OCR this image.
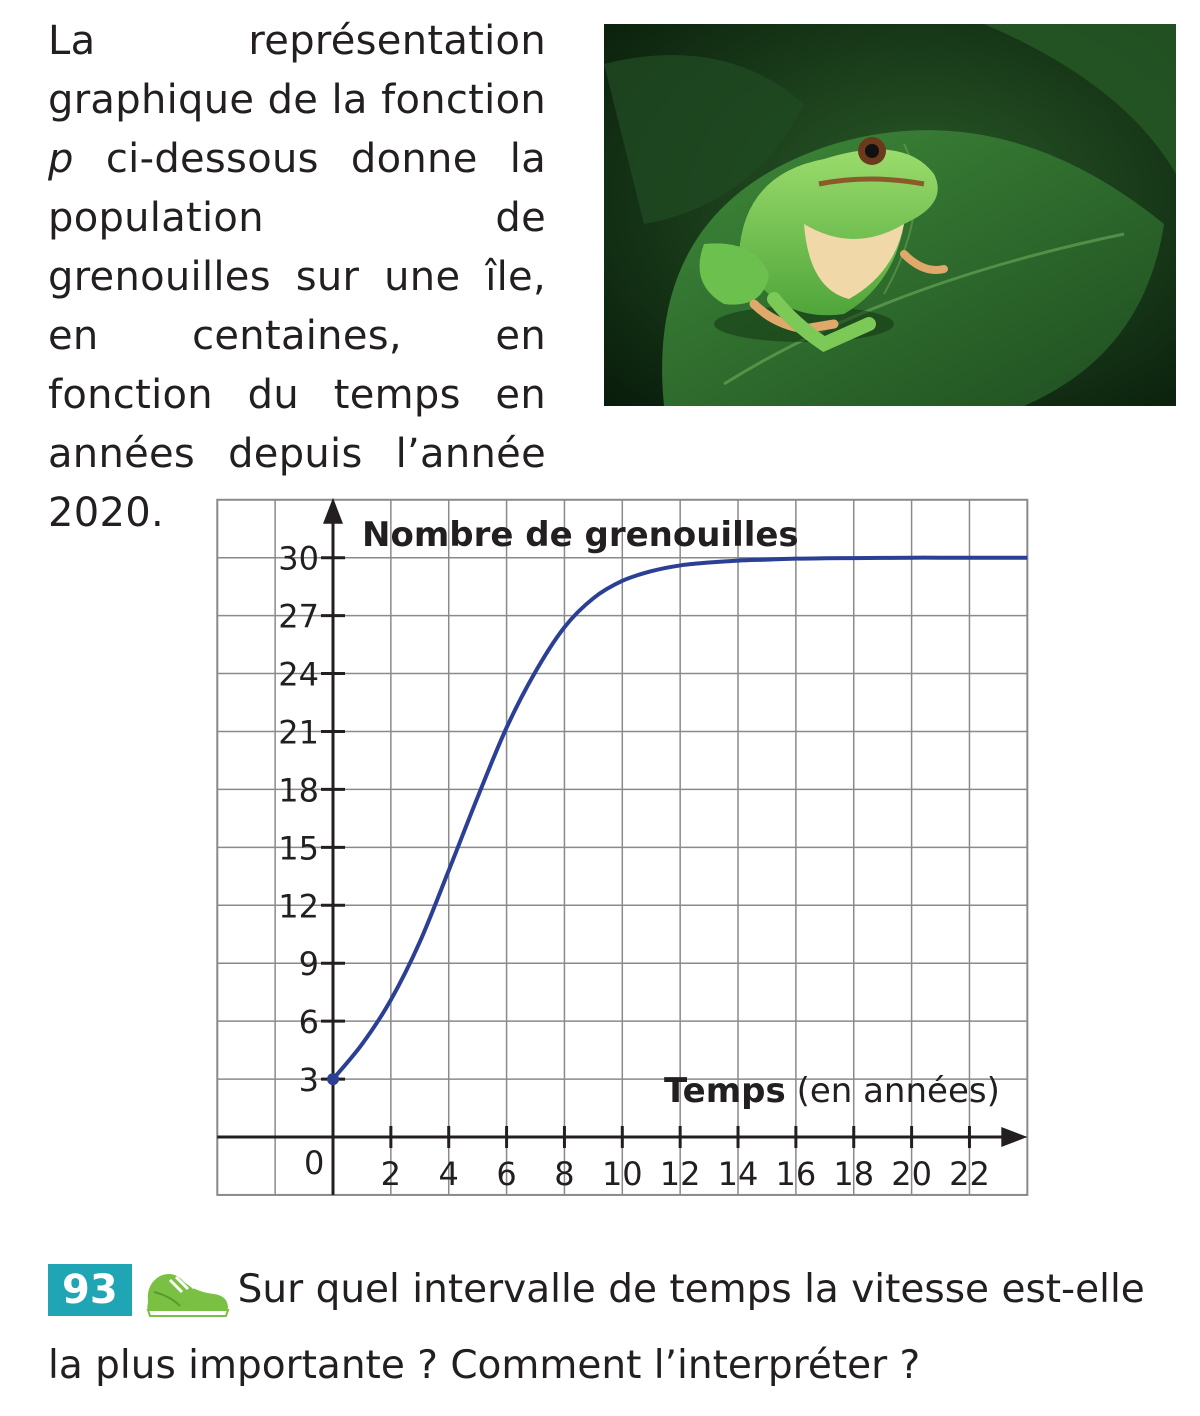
La représentation graphique de la fonction p ci-dessous donne la population de grenouilles sur une île, en centaines, en fonction du temps en années depuis l’année 2020.
2 4 6 8 10 12 14 16 18 20 22
3
6
9
12
15
18
21
24
27
30
Nombre de grenouilles
Temps (en années)
0
93	Sur quel intervalle de temps la vitesse est-elle la plus importante ? Comment l’interpréter ?
